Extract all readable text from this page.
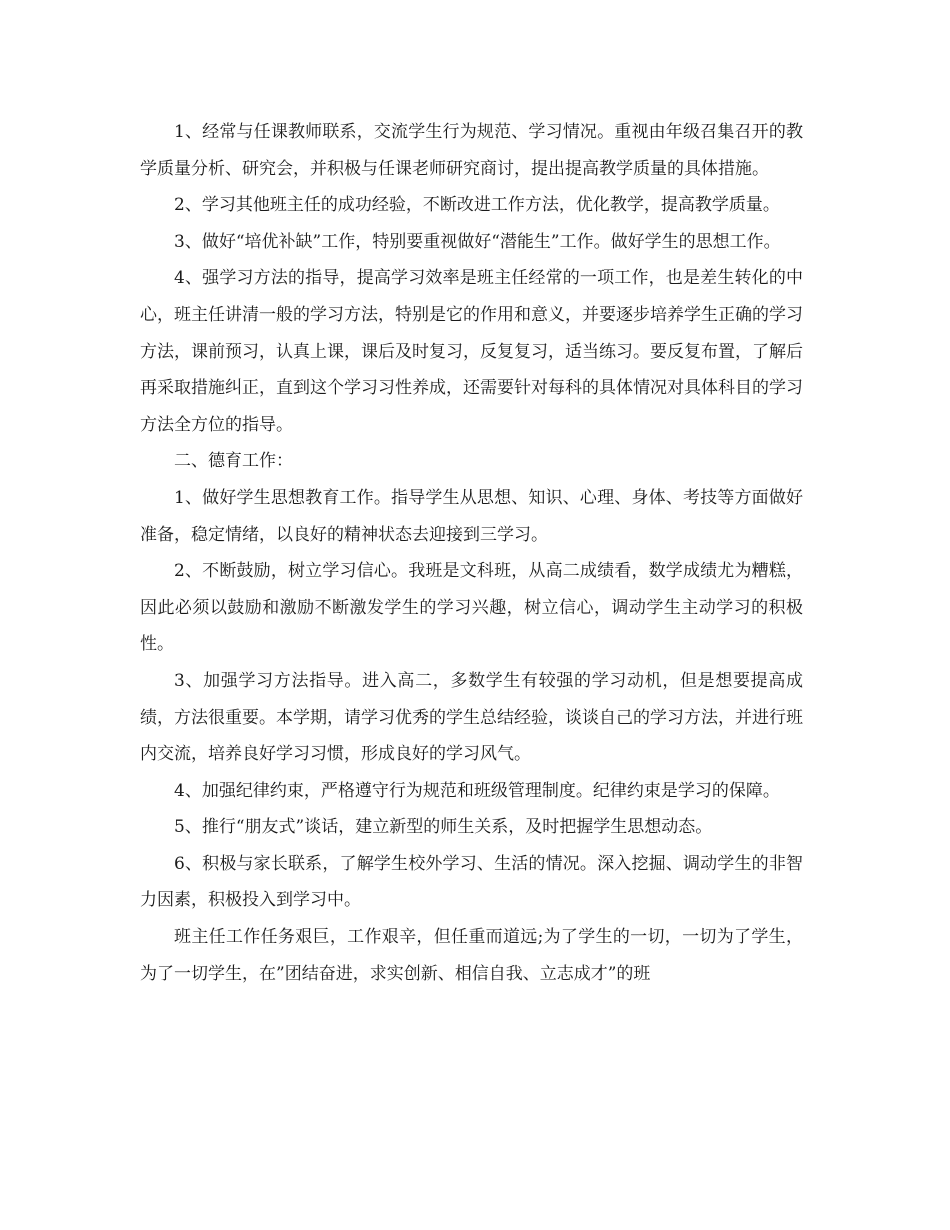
1、经常与任课教师联系，交流学生行为规范、学习情况。重视由年级召集召开的教学质量分析、研究会，并积极与任课老师研究商讨，提出提高教学质量的具体措施。

2、学习其他班主任的成功经验，不断改进工作方法，优化教学，提高教学质量。

3、做好“培优补缺”工作，特别要重视做好“潜能生”工作。做好学生的思想工作。

4、强学习方法的指导，提高学习效率是班主任经常的一项工作，也是差生转化的中心，班主任讲清一般的学习方法，特别是它的作用和意义，并要逐步培养学生正确的学习方法，课前预习，认真上课，课后及时复习，反复复习，适当练习。要反复布置，了解后再采取措施纠正，直到这个学习习性养成，还需要针对每科的具体情况对具体科目的学习方法全方位的指导。

二、德育工作：

1、做好学生思想教育工作。指导学生从思想、知识、心理、身体、考技等方面做好准备，稳定情绪，以良好的精神状态去迎接到三学习。

2、不断鼓励，树立学习信心。我班是文科班，从高二成绩看，数学成绩尤为糟糕，因此必须以鼓励和激励不断激发学生的学习兴趣，树立信心，调动学生主动学习的积极性。

3、加强学习方法指导。进入高二，多数学生有较强的学习动机，但是想要提高成绩，方法很重要。本学期，请学习优秀的学生总结经验，谈谈自己的学习方法，并进行班内交流，培养良好学习习惯，形成良好的学习风气。

4、加强纪律约束，严格遵守行为规范和班级管理制度。纪律约束是学习的保障。

5、推行“朋友式”谈话，建立新型的师生关系，及时把握学生思想动态。

6、积极与家长联系，了解学生校外学习、生活的情况。深入挖掘、调动学生的非智力因素，积极投入到学习中。

班主任工作任务艰巨，工作艰辛，但任重而道远;为了学生的一切，一切为了学生，为了一切学生，在”团结奋进，求实创新、相信自我、立志成才”的班
